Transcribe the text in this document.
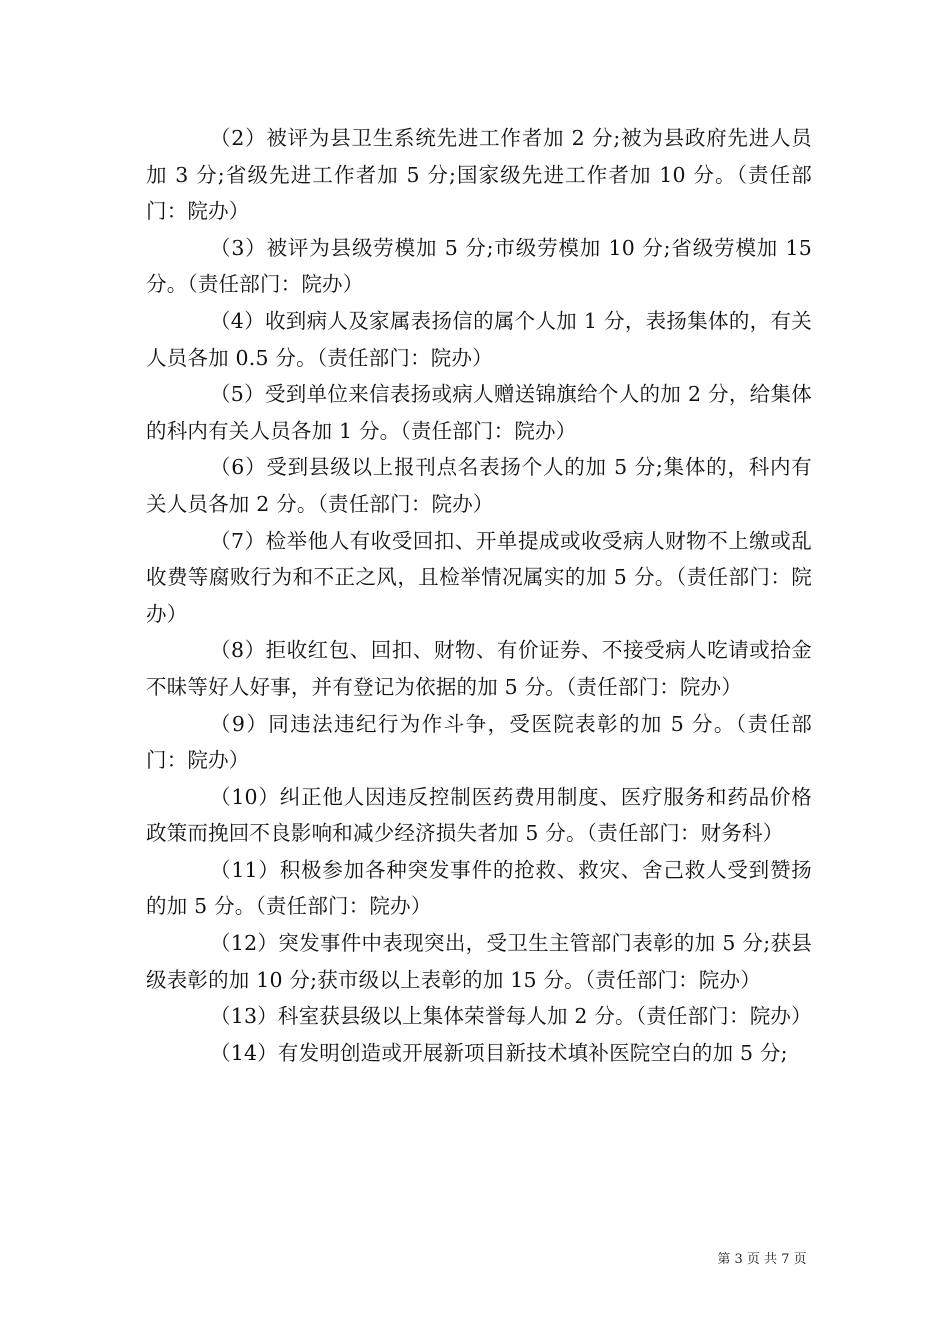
（2）被评为县卫生系统先进工作者加 2 分;被为县政府先进人员加 3 分;省级先进工作者加 5 分;国家级先进工作者加 10 分。（责任部门：院办）

（3）被评为县级劳模加 5 分;市级劳模加 10 分;省级劳模加 15 分。（责任部门：院办）

（4）收到病人及家属表扬信的属个人加 1 分，表扬集体的，有关人员各加 0.5 分。（责任部门：院办）

（5）受到单位来信表扬或病人赠送锦旗给个人的加 2 分，给集体的科内有关人员各加 1 分。（责任部门：院办）

（6）受到县级以上报刊点名表扬个人的加 5 分;集体的，科内有关人员各加 2 分。（责任部门：院办）

（7）检举他人有收受回扣、开单提成或收受病人财物不上缴或乱收费等腐败行为和不正之风，且检举情况属实的加 5 分。（责任部门：院办）

（8）拒收红包、回扣、财物、有价证券、不接受病人吃请或拾金不昧等好人好事，并有登记为依据的加 5 分。（责任部门：院办）

（9）同违法违纪行为作斗争，受医院表彰的加 5 分。（责任部门：院办）

（10）纠正他人因违反控制医药费用制度、医疗服务和药品价格政策而挽回不良影响和减少经济损失者加 5 分。（责任部门：财务科）

（11）积极参加各种突发事件的抢救、救灾、舍己救人受到赞扬的加 5 分。（责任部门：院办）

（12）突发事件中表现突出，受卫生主管部门表彰的加 5 分;获县级表彰的加 10 分;获市级以上表彰的加 15 分。（责任部门：院办）

（13）科室获县级以上集体荣誉每人加 2 分。（责任部门：院办）

（14）有发明创造或开展新项目新技术填补医院空白的加 5 分;

第 3 页 共 7 页
